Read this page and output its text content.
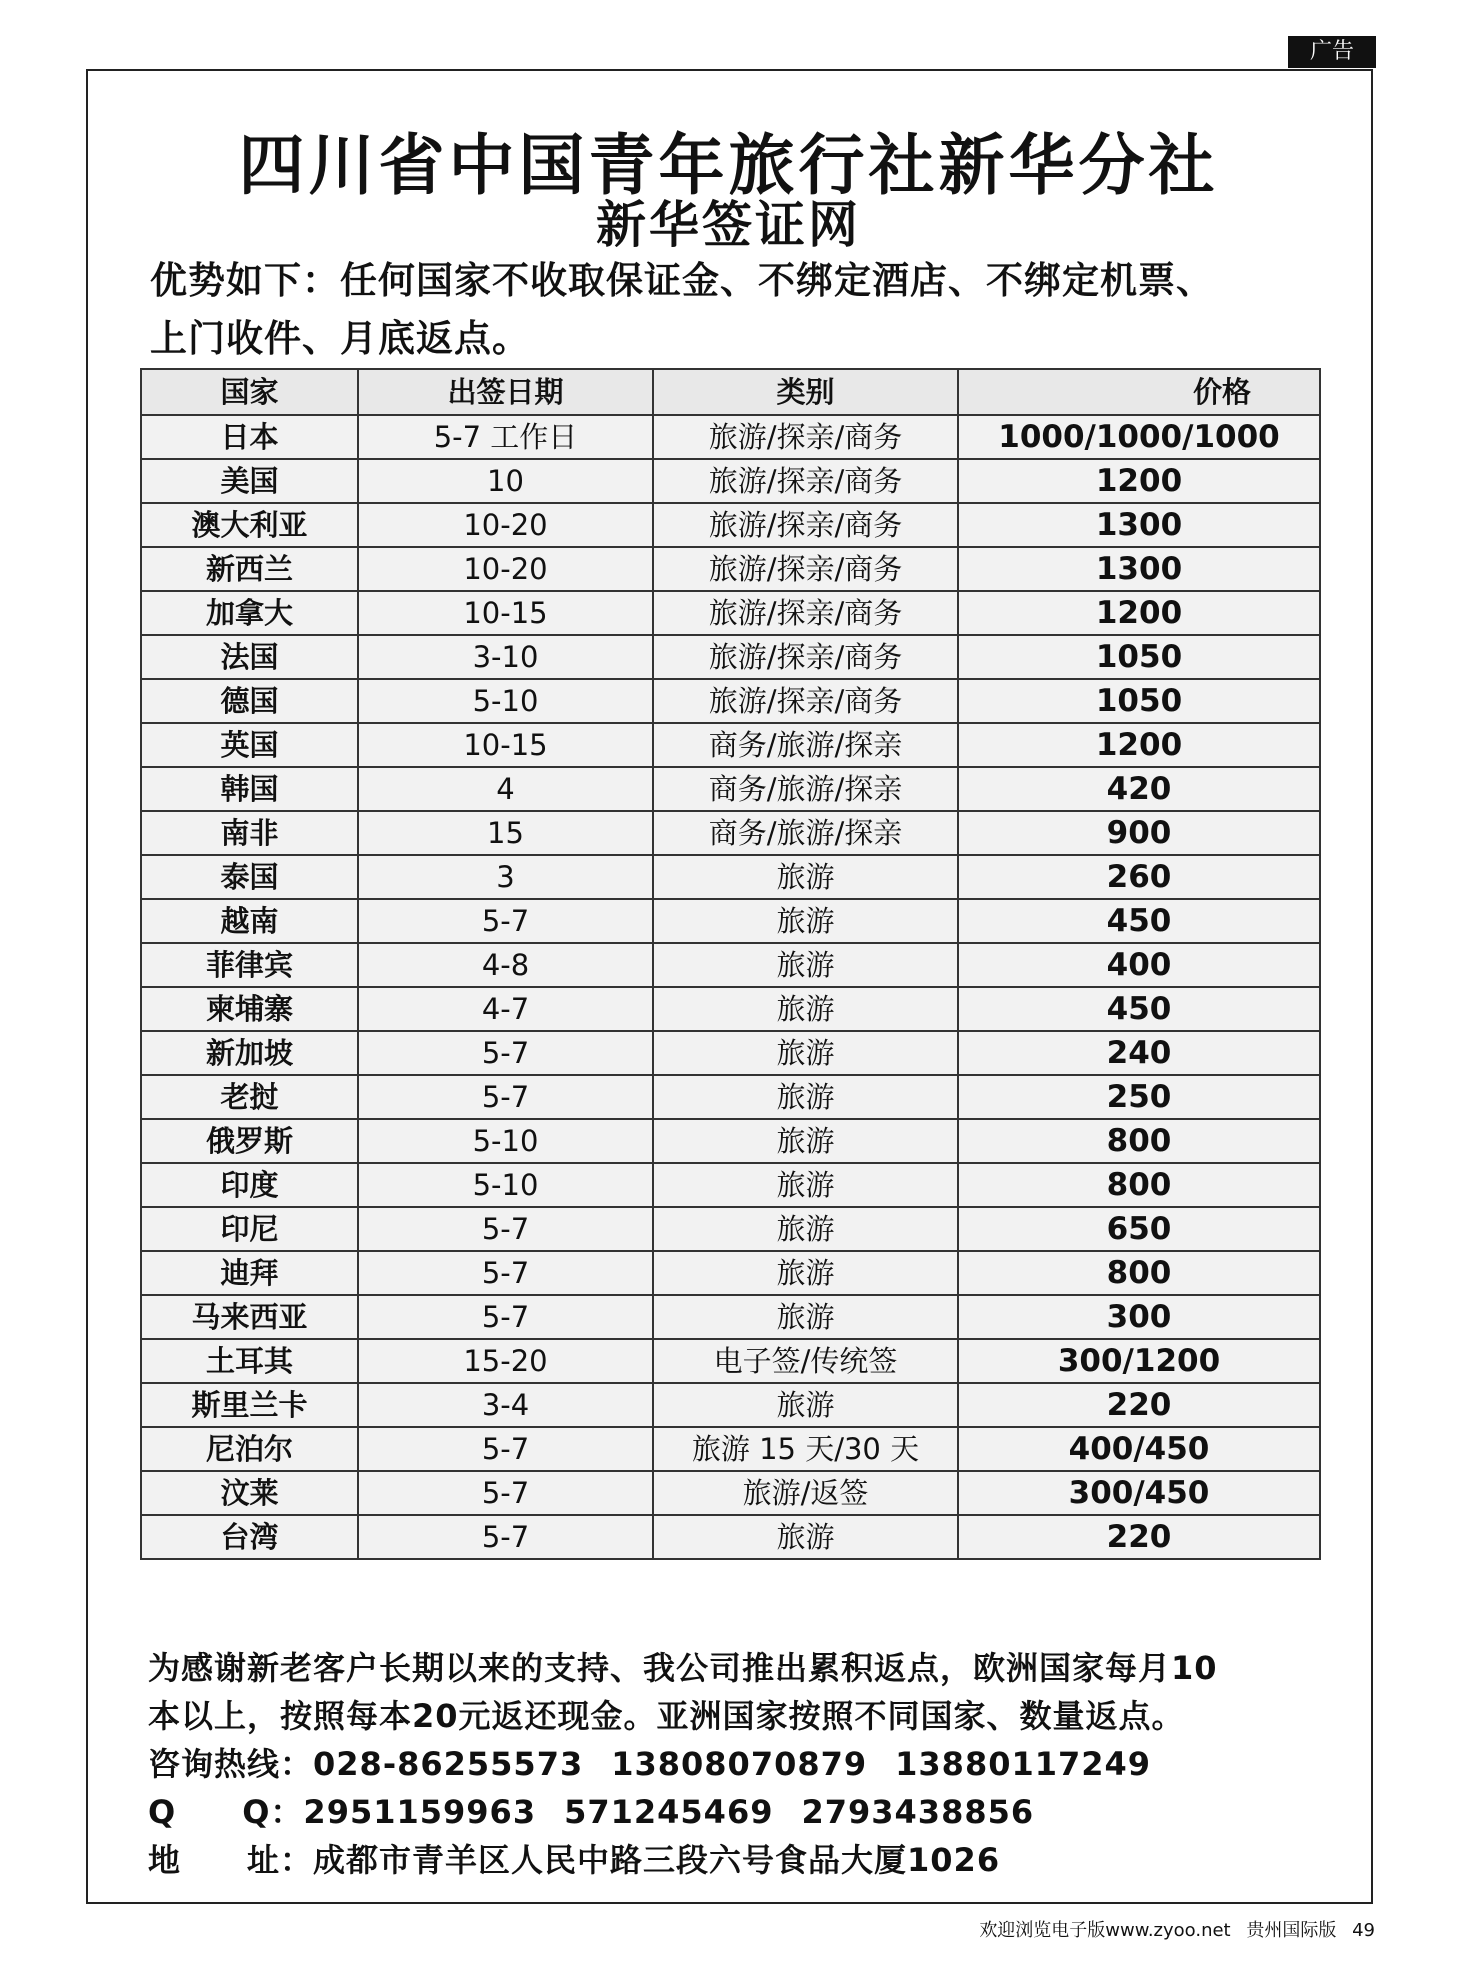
广告
四川省中国青年旅行社新华分社
新华签证网
优势如下：任何国家不收取保证金、不绑定酒店、不绑定机票、
上门收件、月底返点。
国家	出签日期	类别	价格
日本	5-7 工作日	旅游/探亲/商务	1000/1000/1000
美国	10	旅游/探亲/商务	1200
澳大利亚	10-20	旅游/探亲/商务	1300
新西兰	10-20	旅游/探亲/商务	1300
加拿大	10-15	旅游/探亲/商务	1200
法国	3-10	旅游/探亲/商务	1050
德国	5-10	旅游/探亲/商务	1050
英国	10-15	商务/旅游/探亲	1200
韩国	4	商务/旅游/探亲	420
南非	15	商务/旅游/探亲	900
泰国	3	旅游	260
越南	5-7	旅游	450
菲律宾	4-8	旅游	400
柬埔寨	4-7	旅游	450
新加坡	5-7	旅游	240
老挝	5-7	旅游	250
俄罗斯	5-10	旅游	800
印度	5-10	旅游	800
印尼	5-7	旅游	650
迪拜	5-7	旅游	800
马来西亚	5-7	旅游	300
土耳其	15-20	电子签/传统签	300/1200
斯里兰卡	3-4	旅游	220
尼泊尔	5-7	旅游 15 天/30 天	400/450
汶莱	5-7	旅游/返签	300/450
台湾	5-7	旅游	220
为感谢新老客户长期以来的支持、我公司推出累积返点，欧洲国家每月10
本以上，按照每本20元返还现金。亚洲国家按照不同国家、数量返点。
咨询热线：028-86255573 13808070879 13880117249
Q　　Q：2951159963 571245469 2793438856
地　　址：成都市青羊区人民中路三段六号食品大厦1026
欢迎浏览电子版www.zyoo.net 贵州国际版 49
